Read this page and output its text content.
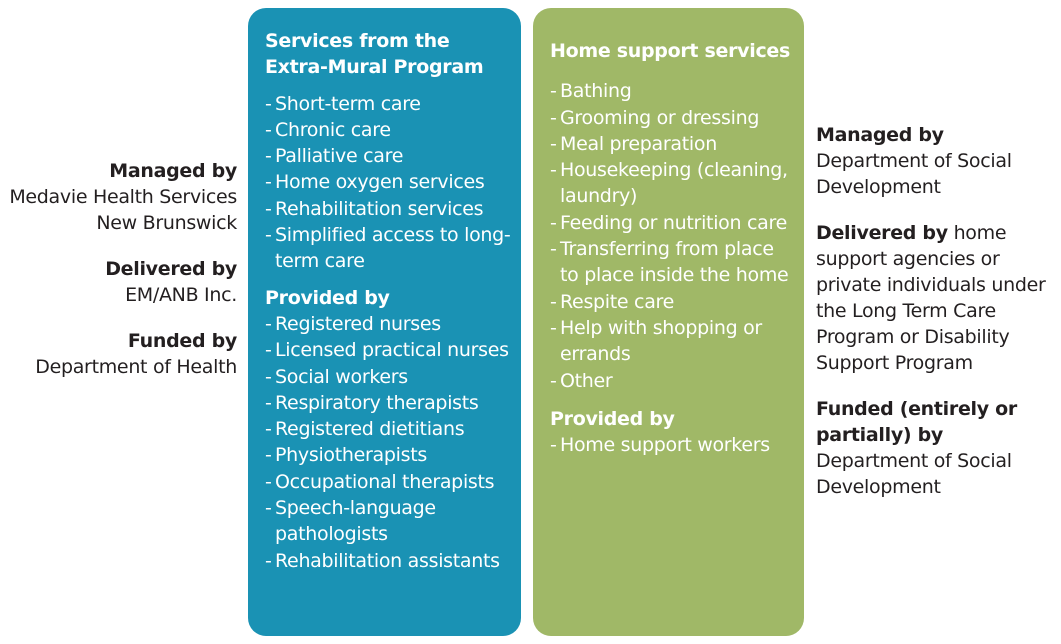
Managed by
Medavie Health Services
New Brunswick
Delivered by
EM/ANB Inc.
Funded by
Department of Health
Services from the
Extra-Mural Program
- Short-term care
- Chronic care
- Palliative care
- Home oxygen services
- Rehabilitation services
- Simplified access to long-term care
Provided by
- Registered nurses
- Licensed practical nurses
- Social workers
- Respiratory therapists
- Registered dietitians
- Physiotherapists
- Occupational therapists
- Speech-language pathologists
- Rehabilitation assistants
Home support services
- Bathing
- Grooming or dressing
- Meal preparation
- Housekeeping (cleaning, laundry)
- Feeding or nutrition care
- Transferring from place to place inside the home
- Respite care
- Help with shopping or errands
- Other
Provided by
- Home support workers
Managed by
Department of Social
Development
Delivered by home support agencies or private individuals under the Long Term Care Program or Disability Support Program
Funded (entirely or partially) by Department of Social Development
